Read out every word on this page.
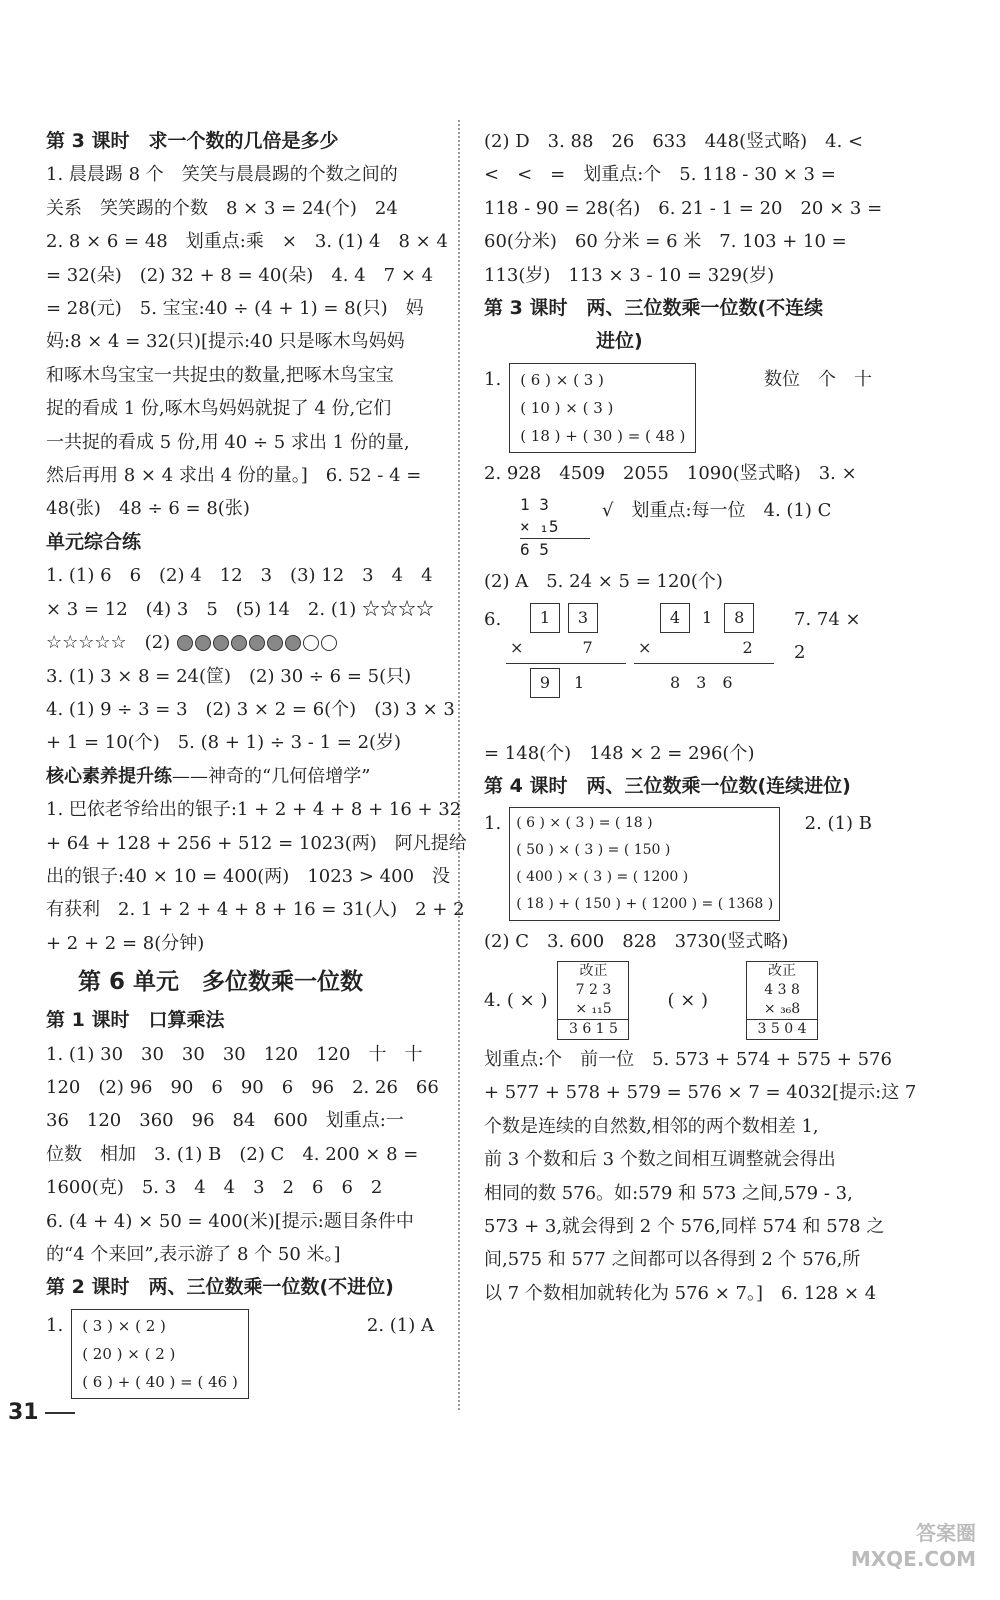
第 3 课时　求一个数的几倍是多少
1. 晨晨踢 8 个　笑笑与晨晨踢的个数之间的
关系　笑笑踢的个数　8 × 3 = 24(个)　24
2. 8 × 6 = 48　划重点:乘　×　3. (1) 4　8 × 4
= 32(朵)　(2) 32 + 8 = 40(朵)　4. 4　7 × 4
= 28(元)　5. 宝宝:40 ÷ (4 + 1) = 8(只)　妈
妈:8 × 4 = 32(只)[提示:40 只是啄木鸟妈妈
和啄木鸟宝宝一共捉虫的数量,把啄木鸟宝宝
捉的看成 1 份,啄木鸟妈妈就捉了 4 份,它们
一共捉的看成 5 份,用 40 ÷ 5 求出 1 份的量,
然后再用 8 × 4 求出 4 份的量。]　6. 52 - 4 =
48(张)　48 ÷ 6 = 8(张)
单元综合练
1. (1) 6　6　(2) 4　12　3　(3) 12　3　4　4
× 3 = 12　(4) 3　5　(5) 14　2. (1) ☆☆☆☆
☆☆☆☆☆　(2)
3. (1) 3 × 8 = 24(筐)　(2) 30 ÷ 6 = 5(只)
4. (1) 9 ÷ 3 = 3　(2) 3 × 2 = 6(个)　(3) 3 × 3
+ 1 = 10(个)　5. (8 + 1) ÷ 3 - 1 = 2(岁)
核心素养提升练——神奇的“几何倍增学”
1. 巴依老爷给出的银子:1 + 2 + 4 + 8 + 16 + 32
+ 64 + 128 + 256 + 512 = 1023(两)　阿凡提给
出的银子:40 × 10 = 400(两)　1023 > 400　没
有获利　2. 1 + 2 + 4 + 8 + 16 = 31(人)　2 + 2
+ 2 + 2 = 8(分钟)
第 6 单元　多位数乘一位数
第 1 课时　口算乘法
1. (1) 30　30　30　30　120　120　十　十
120　(2) 96　90　6　90　6　96　2. 26　66
36　120　360　96　84　600　划重点:一
位数　相加　3. (1) B　(2) C　4. 200 × 8 =
1600(克)　5. 3　4　4　3　2　6　6　2
6. (4 + 4) × 50 = 400(米)[提示:题目条件中
的“4 个来回”,表示游了 8 个 50 米。]
第 2 课时　两、三位数乘一位数(不进位)
1. ( 3 ) × ( 2 )
( 20 ) × ( 2 )
( 6 ) + ( 40 ) = ( 46 )
2. (1) A
(2) D　3. 88　26　633　448(竖式略)　4. <
<　<　=　划重点:个　5. 118 - 30 × 3 =
118 - 90 = 28(名)　6. 21 - 1 = 20　20 × 3 =
60(分米)　60 分米 = 6 米　7. 103 + 10 =
113(岁)　113 × 3 - 10 = 329(岁)
第 3 课时　两、三位数乘一位数(不连续
进位)
1. ( 6 ) × ( 3 )
( 10 ) × ( 3 )
( 18 ) + ( 30 ) = ( 48 )
数位　个　十
2. 928　4509　2055　1090(竖式略)　3. ×
1 3
× ₁5
6 5
√　划重点:每一位　4. (1) C
(2) A　5. 24 × 5 = 120(个)
6.	1 3
×	7
9 1
4 1 8
×	2
8　3　6
7. 74 × 2
= 148(个)　148 × 2 = 296(个)
第 4 课时　两、三位数乘一位数(连续进位)
1. ( 6 ) × ( 3 ) = ( 18 )
( 50 ) × ( 3 ) = ( 150 )
( 400 ) × ( 3 ) = ( 1200 )
( 18 ) + ( 150 ) + ( 1200 ) = ( 1368 )
2. (1) B
(2) C　3. 600　828　3730(竖式略)
4. ( × )
改正
7 2 3
× ₁₁5
3 6 1 5
( × )
改正
4 3 8
× ₃₆8
3 5 0 4
划重点:个　前一位　5. 573 + 574 + 575 + 576
+ 577 + 578 + 579 = 576 × 7 = 4032[提示:这 7
个数是连续的自然数,相邻的两个数相差 1,
前 3 个数和后 3 个数之间相互调整就会得出
相同的数 576。如:579 和 573 之间,579 - 3,
573 + 3,就会得到 2 个 576,同样 574 和 578 之
间,575 和 577 之间都可以各得到 2 个 576,所
以 7 个数相加就转化为 576 × 7。]　6. 128 × 4
31
答案圈
MXQE.COM
